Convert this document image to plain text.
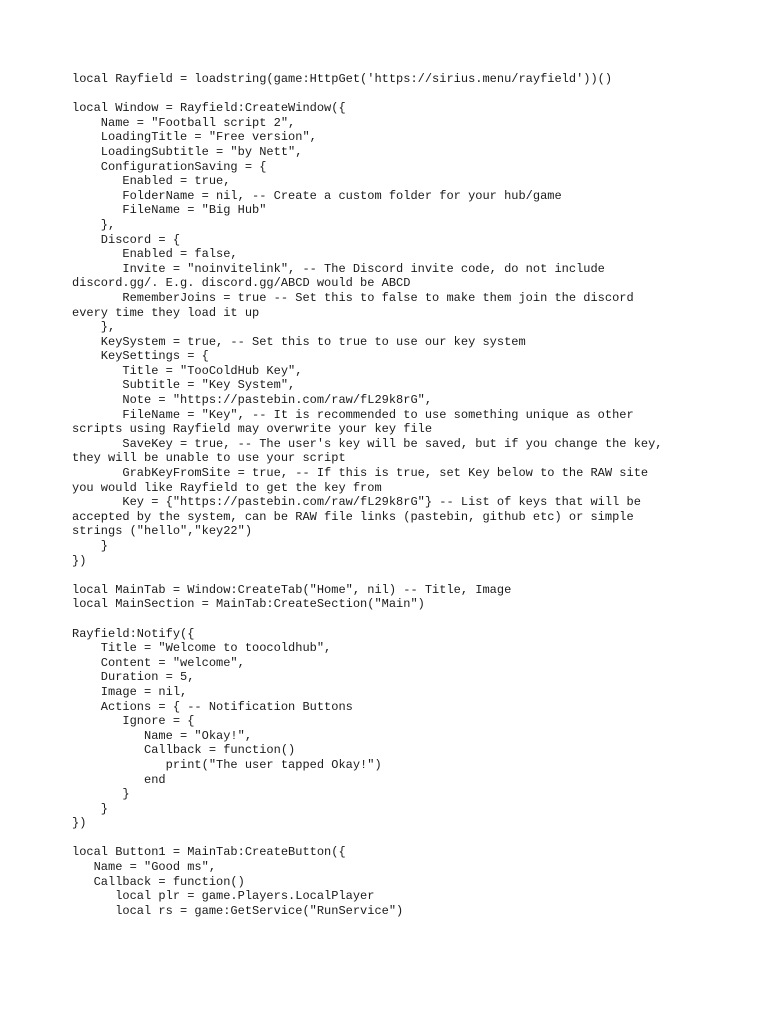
local Rayfield = loadstring(game:HttpGet('https://sirius.menu/rayfield'))()
local Window = Rayfield:CreateWindow({
Name = "Football script 2",
LoadingTitle = "Free version",
LoadingSubtitle = "by Nett",
ConfigurationSaving = {
Enabled = true,
FolderName = nil, -- Create a custom folder for your hub/game
FileName = "Big Hub"
},
Discord = {
Enabled = false,
Invite = "noinvitelink", -- The Discord invite code, do not include
discord.gg/. E.g. discord.gg/ABCD would be ABCD
RememberJoins = true -- Set this to false to make them join the discord
every time they load it up
},
KeySystem = true, -- Set this to true to use our key system
KeySettings = {
Title = "TooColdHub Key",
Subtitle = "Key System",
Note = "https://pastebin.com/raw/fL29k8rG",
FileName = "Key", -- It is recommended to use something unique as other
scripts using Rayfield may overwrite your key file
SaveKey = true, -- The user's key will be saved, but if you change the key,
they will be unable to use your script
GrabKeyFromSite = true, -- If this is true, set Key below to the RAW site
you would like Rayfield to get the key from
Key = {"https://pastebin.com/raw/fL29k8rG"} -- List of keys that will be
accepted by the system, can be RAW file links (pastebin, github etc) or simple
strings ("hello","key22")
}
})
local MainTab = Window:CreateTab("Home", nil) -- Title, Image
local MainSection = MainTab:CreateSection("Main")
Rayfield:Notify({
Title = "Welcome to toocoldhub",
Content = "welcome",
Duration = 5,
Image = nil,
Actions = { -- Notification Buttons
Ignore = {
Name = "Okay!",
Callback = function()
print("The user tapped Okay!")
end
}
}
})
local Button1 = MainTab:CreateButton({
Name = "Good ms",
Callback = function()
local plr = game.Players.LocalPlayer
local rs = game:GetService("RunService")
